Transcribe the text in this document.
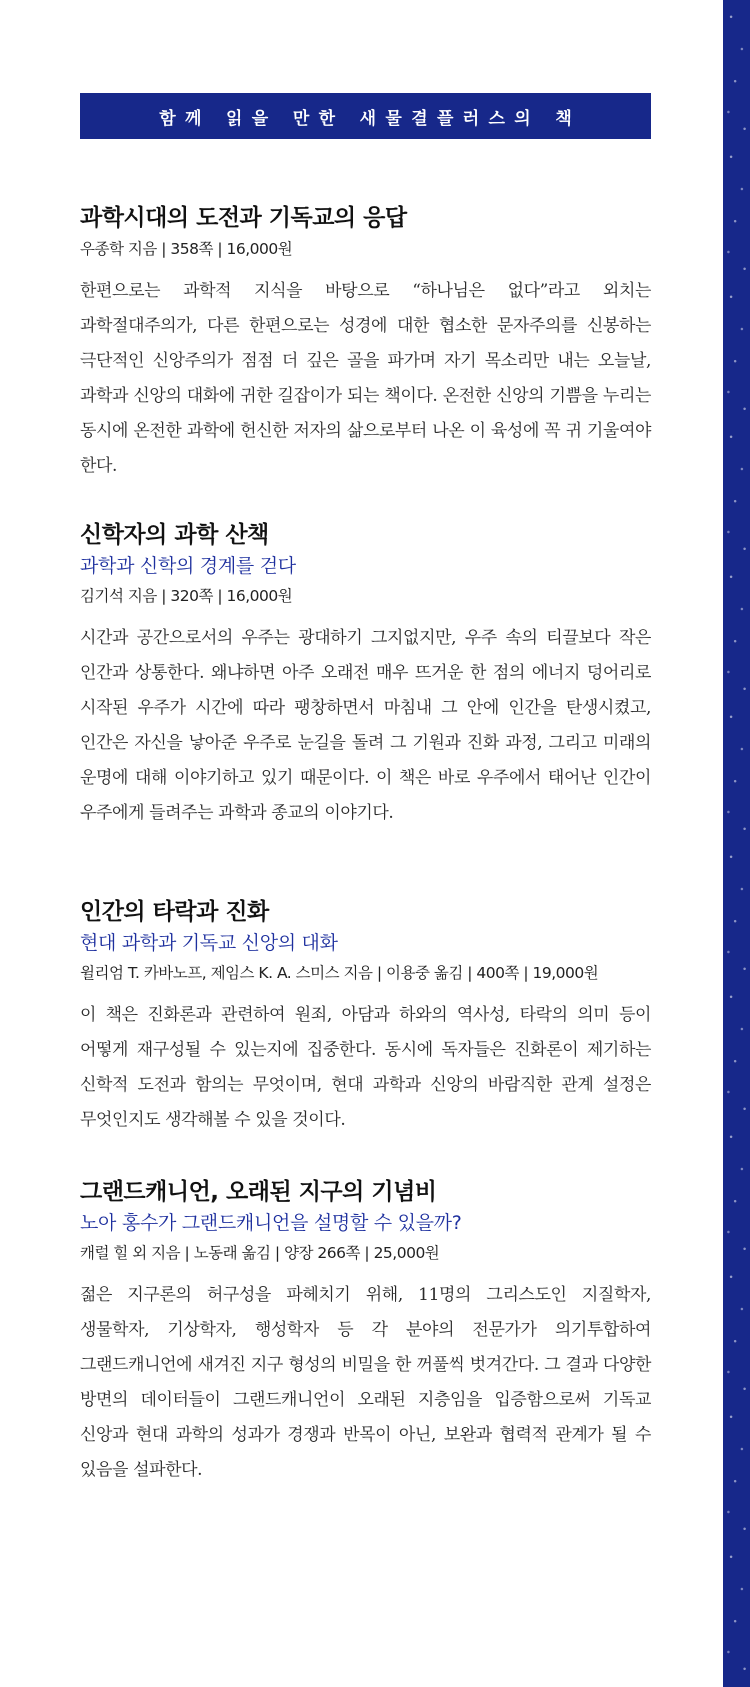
함께 읽을 만한 새물결플러스의 책
과학시대의 도전과 기독교의 응답
우종학 지음 | 358쪽 | 16,000원
한편으로는 과학적 지식을 바탕으로 “하나님은 없다”라고 외치는 과학절대주의가, 다른 한편으로는 성경에 대한 협소한 문자주의를 신봉하는 극단적인 신앙주의가 점점 더 깊은 골을 파가며 자기 목소리만 내는 오늘날, 과학과 신앙의 대화에 귀한 길잡이가 되는 책이다. 온전한 신앙의 기쁨을 누리는 동시에 온전한 과학에 헌신한 저자의 삶으로부터 나온 이 육성에 꼭 귀 기울여야 한다.
신학자의 과학 산책
과학과 신학의 경계를 걷다
김기석 지음 | 320쪽 | 16,000원
시간과 공간으로서의 우주는 광대하기 그지없지만, 우주 속의 티끌보다 작은 인간과 상통한다. 왜냐하면 아주 오래전 매우 뜨거운 한 점의 에너지 덩어리로 시작된 우주가 시간에 따라 팽창하면서 마침내 그 안에 인간을 탄생시켰고, 인간은 자신을 낳아준 우주로 눈길을 돌려 그 기원과 진화 과정, 그리고 미래의 운명에 대해 이야기하고 있기 때문이다. 이 책은 바로 우주에서 태어난 인간이 우주에게 들려주는 과학과 종교의 이야기다.
인간의 타락과 진화
현대 과학과 기독교 신앙의 대화
윌리엄 T. 카바노프, 제임스 K. A. 스미스 지음 | 이용중 옮김 | 400쪽 | 19,000원
이 책은 진화론과 관련하여 원죄, 아담과 하와의 역사성, 타락의 의미 등이 어떻게 재구성될 수 있는지에 집중한다. 동시에 독자들은 진화론이 제기하는 신학적 도전과 함의는 무엇이며, 현대 과학과 신앙의 바람직한 관계 설정은 무엇인지도 생각해볼 수 있을 것이다.
그랜드캐니언, 오래된 지구의 기념비
노아 홍수가 그랜드캐니언을 설명할 수 있을까?
캐럴 힐 외 지음 | 노동래 옮김 | 양장 266쪽 | 25,000원
젊은 지구론의 허구성을 파헤치기 위해, 11명의 그리스도인 지질학자, 생물학자, 기상학자, 행성학자 등 각 분야의 전문가가 의기투합하여 그랜드캐니언에 새겨진 지구 형성의 비밀을 한 꺼풀씩 벗겨간다. 그 결과 다양한 방면의 데이터들이 그랜드캐니언이 오래된 지층임을 입증함으로써 기독교 신앙과 현대 과학의 성과가 경쟁과 반목이 아닌, 보완과 협력적 관계가 될 수 있음을 설파한다.
